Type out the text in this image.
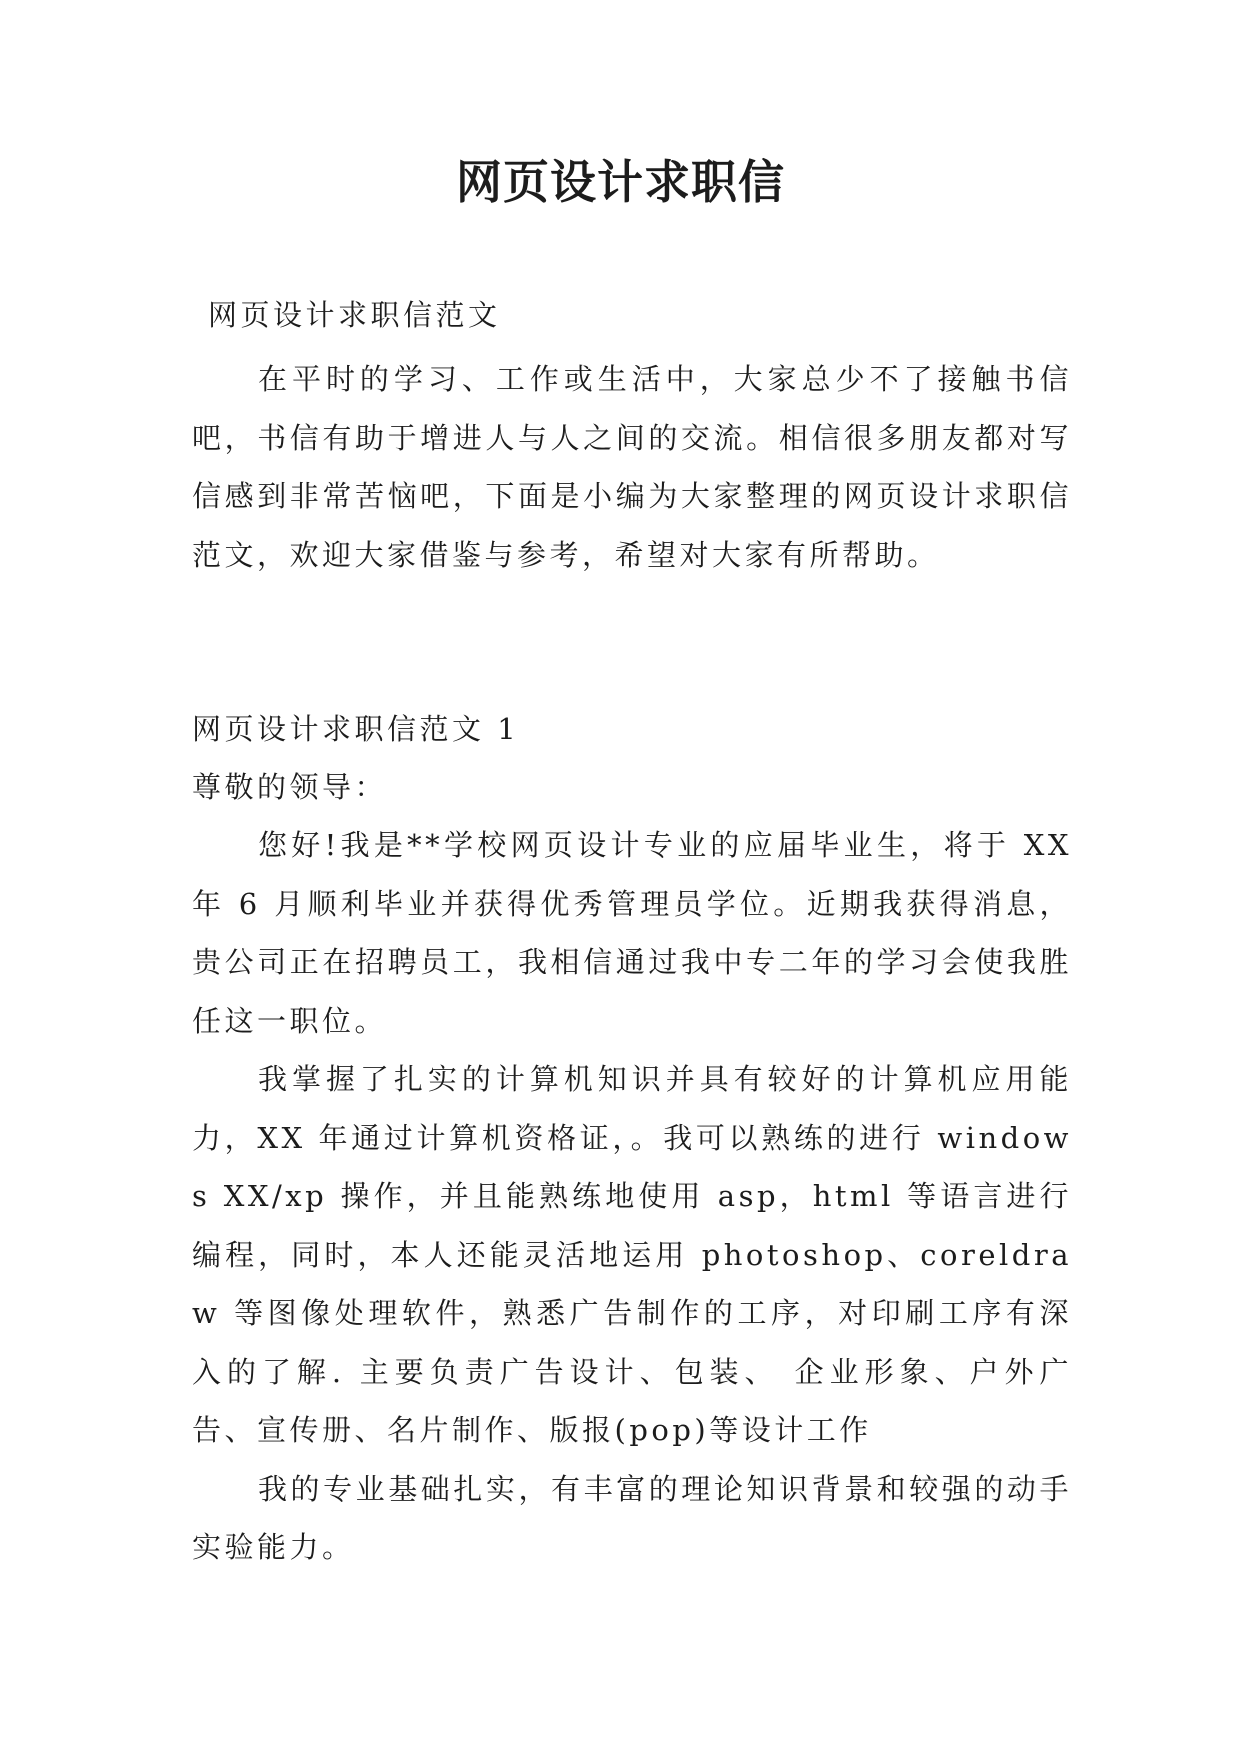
网页设计求职信
网页设计求职信范文
在平时的学习、工作或生活中，大家总少不了接触书信吧，书信有助于增进人与人之间的交流。相信很多朋友都对写信感到非常苦恼吧，下面是小编为大家整理的网页设计求职信范文，欢迎大家借鉴与参考，希望对大家有所帮助。
网页设计求职信范文 1
尊敬的领导：

您好!我是**学校网页设计专业的应届毕业生，将于 XX 年 6 月顺利毕业并获得优秀管理员学位。近期我获得消息，贵公司正在招聘员工，我相信通过我中专二年的学习会使我胜任这一职位。

我掌握了扎实的计算机知识并具有较好的计算机应用能力，XX 年通过计算机资格证，。我可以熟练的进行 windows XX/xp 操作，并且能熟练地使用 asp，html 等语言进行编程，同时，本人还能灵活地运用 photoshop、coreldraw 等图像处理软件，熟悉广告制作的工序，对印刷工序有深入的了解. 主要负责广告设计、包装、 企业形象、户外广告、宣传册、名片制作、版报(pop)等设计工作

我的专业基础扎实，有丰富的理论知识背景和较强的动手实验能力。
